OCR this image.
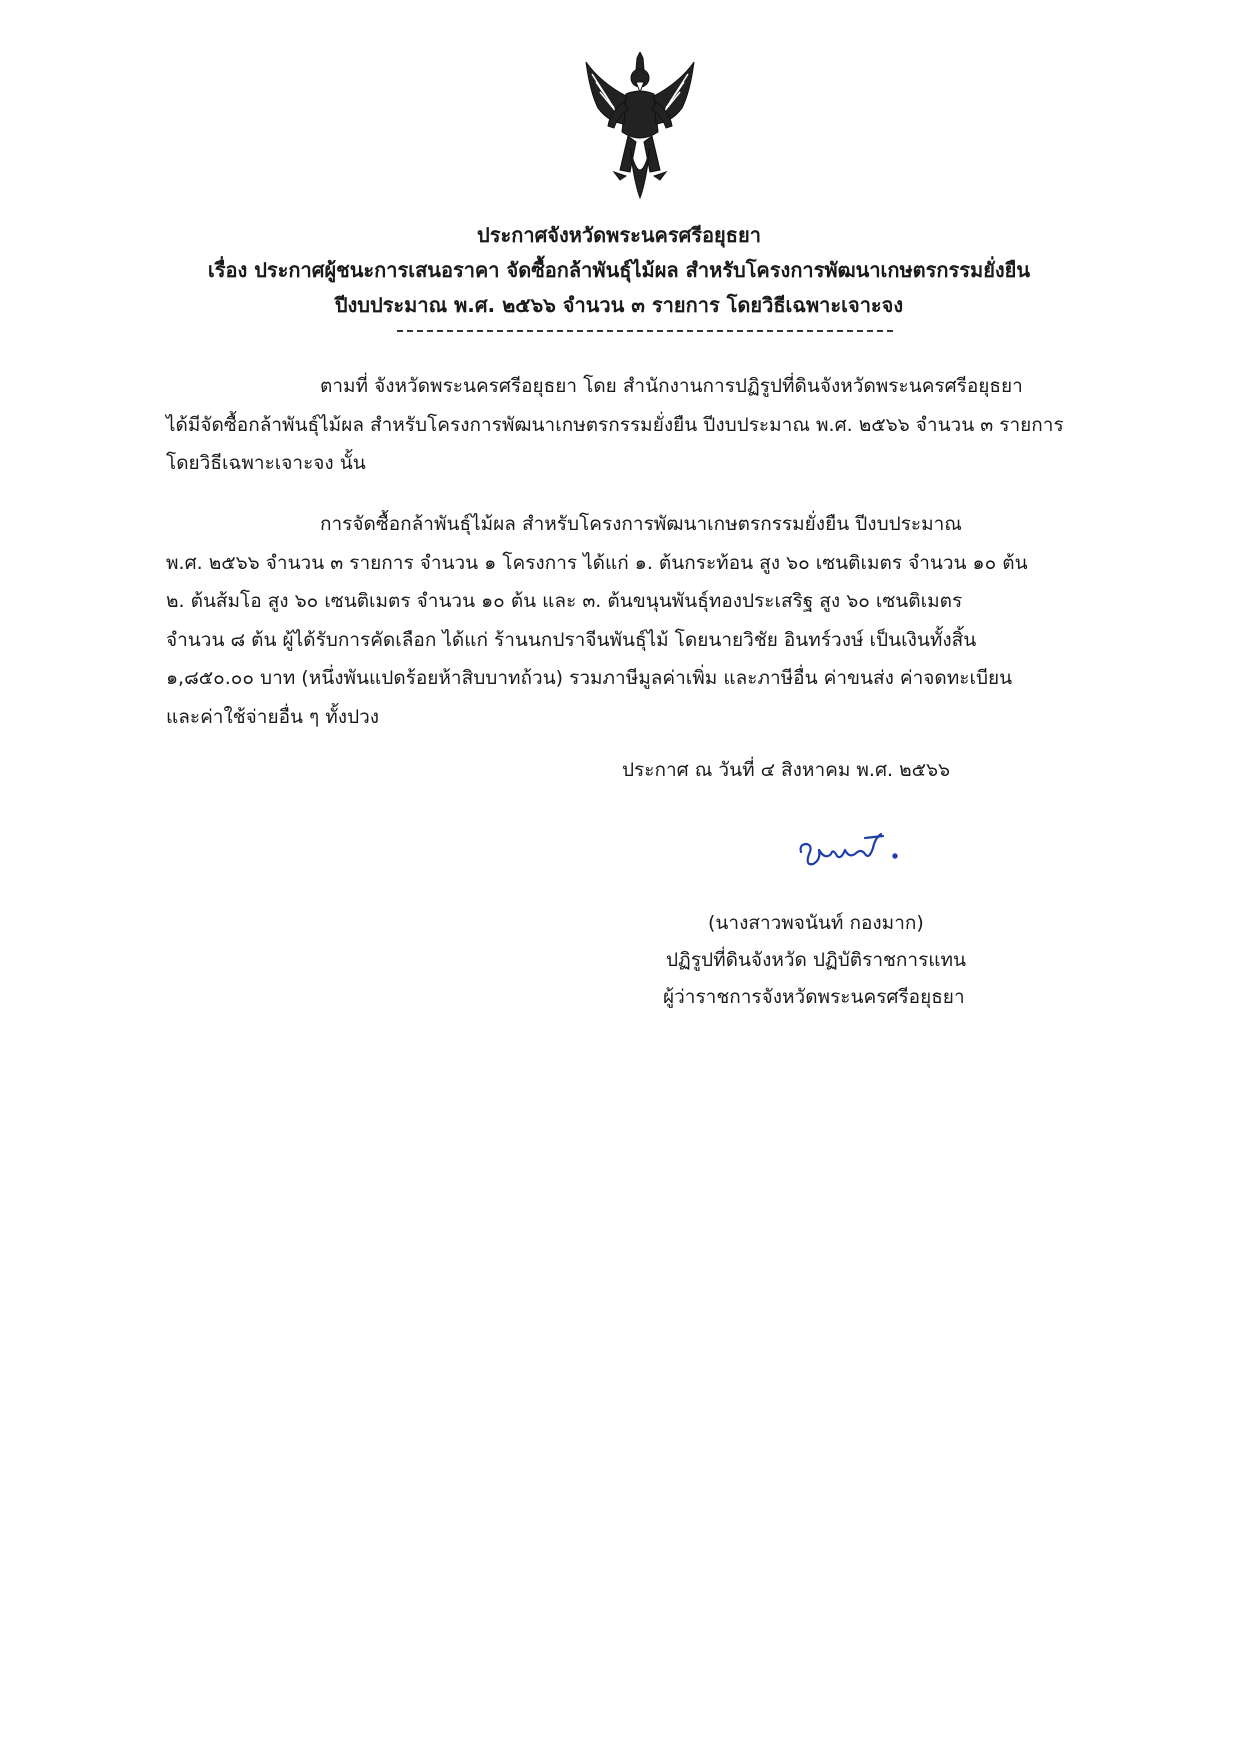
ประกาศจังหวัดพระนครศรีอยุธยา
เรื่อง ประกาศผู้ชนะการเสนอราคา จัดซื้อกล้าพันธุ์ไม้ผล สำหรับโครงการพัฒนาเกษตรกรรมยั่งยืน
ปีงบประมาณ พ.ศ. ๒๕๖๖ จำนวน ๓ รายการ โดยวิธีเฉพาะเจาะจง
ตามที่ จังหวัดพระนครศรีอยุธยา โดย สำนักงานการปฏิรูปที่ดินจังหวัดพระนครศรีอยุธยา
ได้มีจัดซื้อกล้าพันธุ์ไม้ผล สำหรับโครงการพัฒนาเกษตรกรรมยั่งยืน ปีงบประมาณ พ.ศ. ๒๕๖๖ จำนวน ๓ รายการ
โดยวิธีเฉพาะเจาะจง นั้น
การจัดซื้อกล้าพันธุ์ไม้ผล สำหรับโครงการพัฒนาเกษตรกรรมยั่งยืน ปีงบประมาณ
พ.ศ. ๒๕๖๖ จำนวน ๓ รายการ จำนวน ๑ โครงการ ได้แก่ ๑. ต้นกระท้อน สูง ๖๐ เซนติเมตร จำนวน ๑๐ ต้น
๒. ต้นส้มโอ สูง ๖๐ เซนติเมตร จำนวน ๑๐ ต้น และ ๓. ต้นขนุนพันธุ์ทองประเสริฐ สูง ๖๐ เซนติเมตร
จำนวน ๘ ต้น ผู้ได้รับการคัดเลือก ได้แก่ ร้านนกปราจีนพันธุ์ไม้ โดยนายวิชัย อินทร์วงษ์ เป็นเงินทั้งสิ้น
๑,๘๕๐.๐๐ บาท (หนึ่งพันแปดร้อยห้าสิบบาทถ้วน) รวมภาษีมูลค่าเพิ่ม และภาษีอื่น ค่าขนส่ง ค่าจดทะเบียน
และค่าใช้จ่ายอื่น ๆ ทั้งปวง
ประกาศ ณ วันที่ ๔ สิงหาคม พ.ศ. ๒๕๖๖
(นางสาวพจนันท์ กองมาก)
ปฏิรูปที่ดินจังหวัด ปฏิบัติราชการแทน
ผู้ว่าราชการจังหวัดพระนครศรีอยุธยา
